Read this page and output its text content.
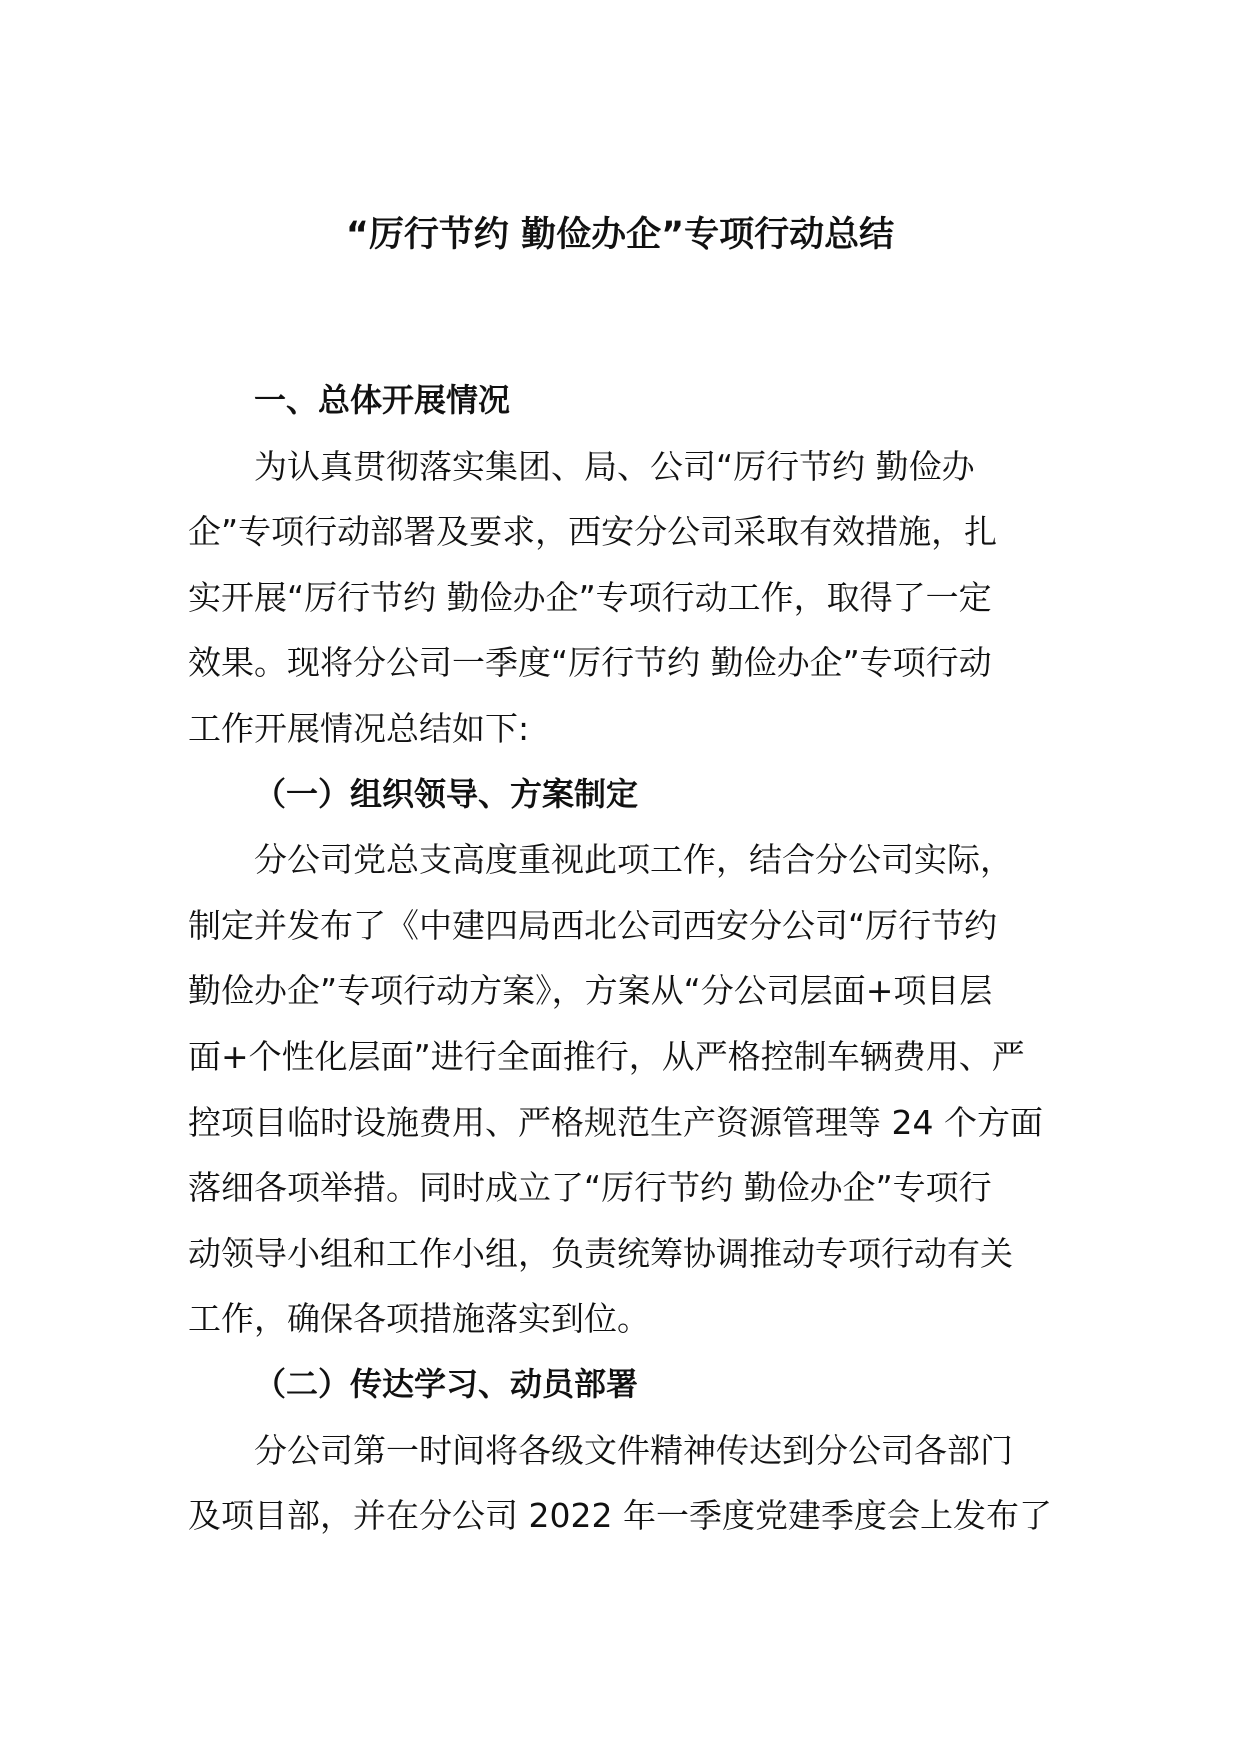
“厉行节约 勤俭办企”专项行动总结
一、总体开展情况
为认真贯彻落实集团、局、公司“厉行节约 勤俭办
企”专项行动部署及要求，西安分公司采取有效措施，扎
实开展“厉行节约 勤俭办企”专项行动工作，取得了一定
效果。现将分公司一季度“厉行节约 勤俭办企”专项行动
工作开展情况总结如下:
（一）组织领导、方案制定
分公司党总支高度重视此项工作，结合分公司实际，
制定并发布了《中建四局西北公司西安分公司“厉行节约
勤俭办企”专项行动方案》，方案从“分公司层面+项目层
面+个性化层面”进行全面推行，从严格控制车辆费用、严
控项目临时设施费用、严格规范生产资源管理等 24 个方面
落细各项举措。同时成立了“厉行节约 勤俭办企”专项行
动领导小组和工作小组，负责统筹协调推动专项行动有关
工作，确保各项措施落实到位。
（二）传达学习、动员部署
分公司第一时间将各级文件精神传达到分公司各部门
及项目部，并在分公司 2022 年一季度党建季度会上发布了
